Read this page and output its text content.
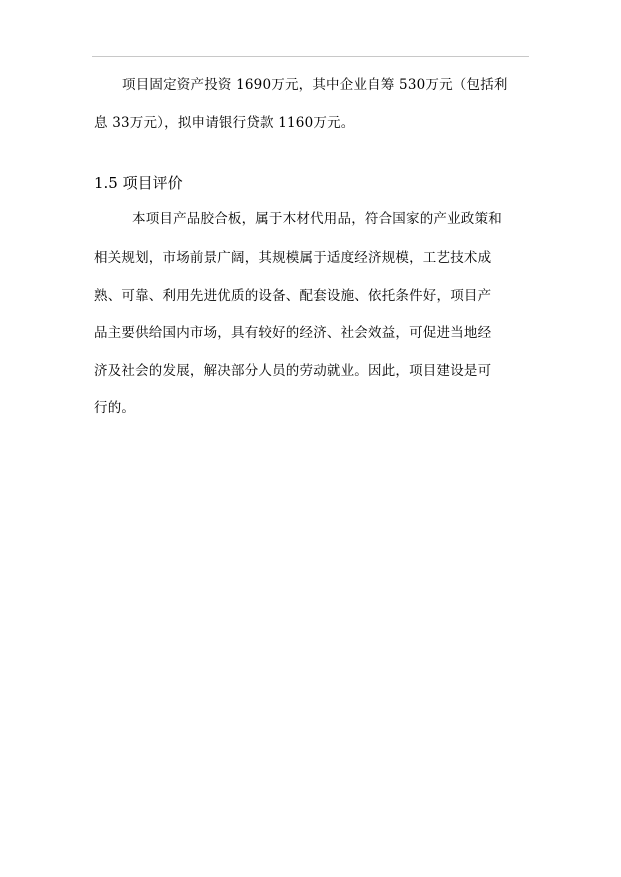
项目固定资产投资 1690万元，其中企业自筹 530万元（包括利
息 33万元），拟申请银行贷款 1160万元。
1.5 项目评价
本项目产品胶合板，属于木材代用品，符合国家的产业政策和
相关规划，市场前景广阔，其规模属于适度经济规模，工艺技术成
熟、可靠、利用先进优质的设备、配套设施、依托条件好，项目产
品主要供给国内市场，具有较好的经济、社会效益，可促进当地经
济及社会的发展，解决部分人员的劳动就业。因此，项目建设是可
行的。
